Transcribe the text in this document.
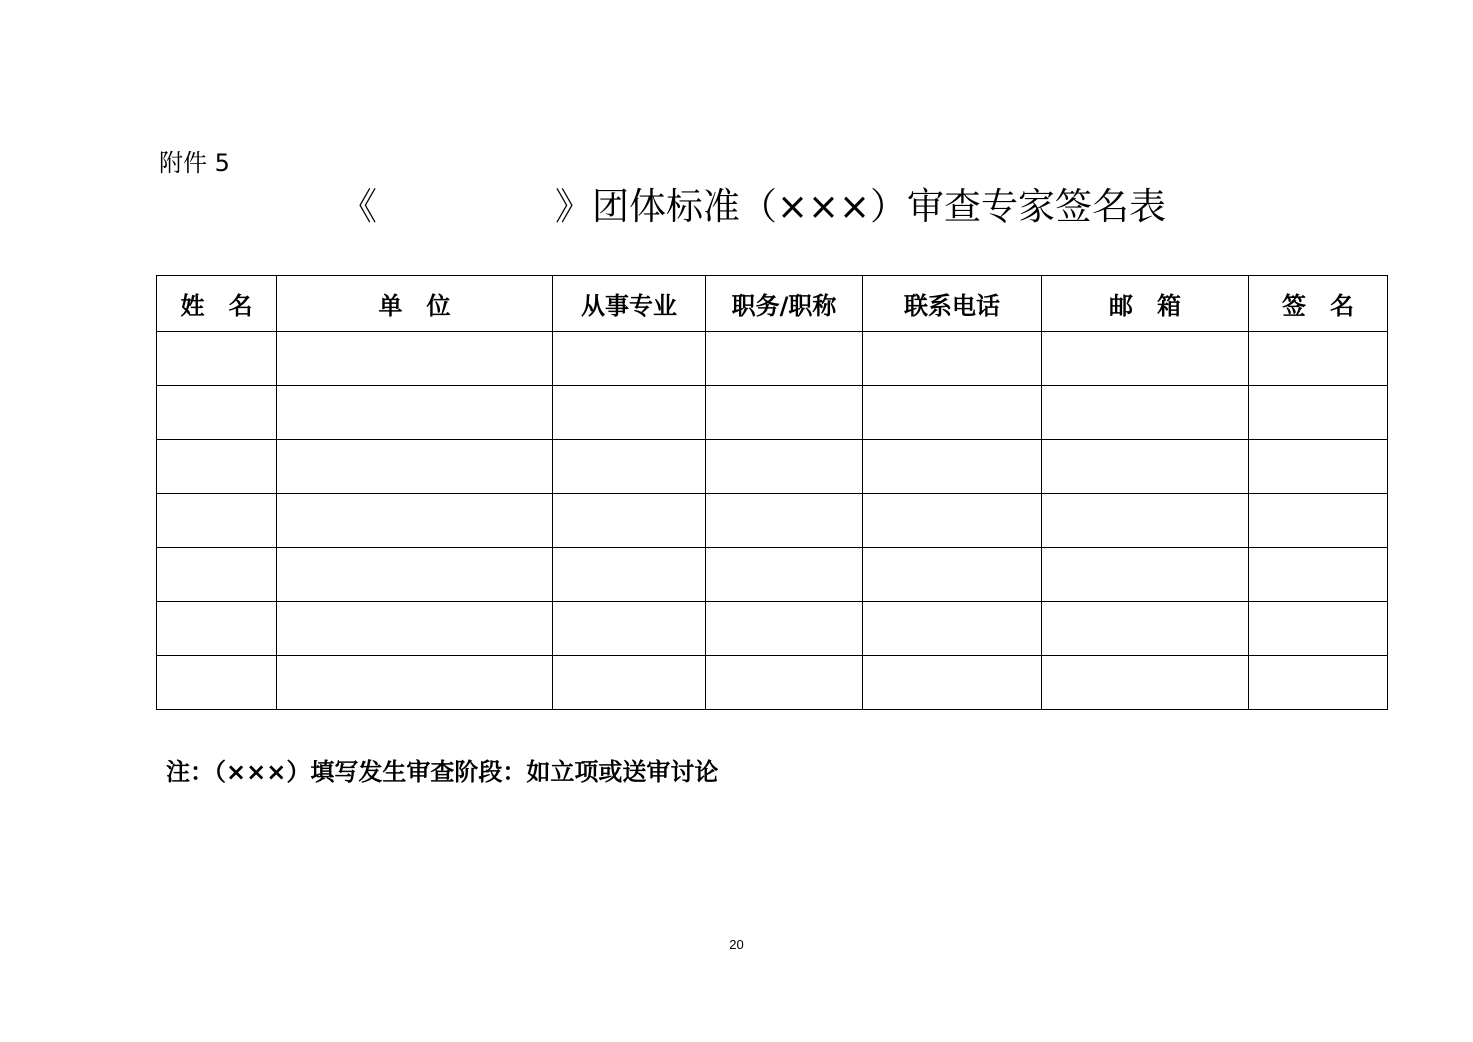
附件 5
《	》团体标准（×××）审查专家签名表
姓　名	单　位	从事专业	职务/职称	联系电话	邮　箱	签　名

注：（×××）填写发生审查阶段：如立项或送审讨论
20
